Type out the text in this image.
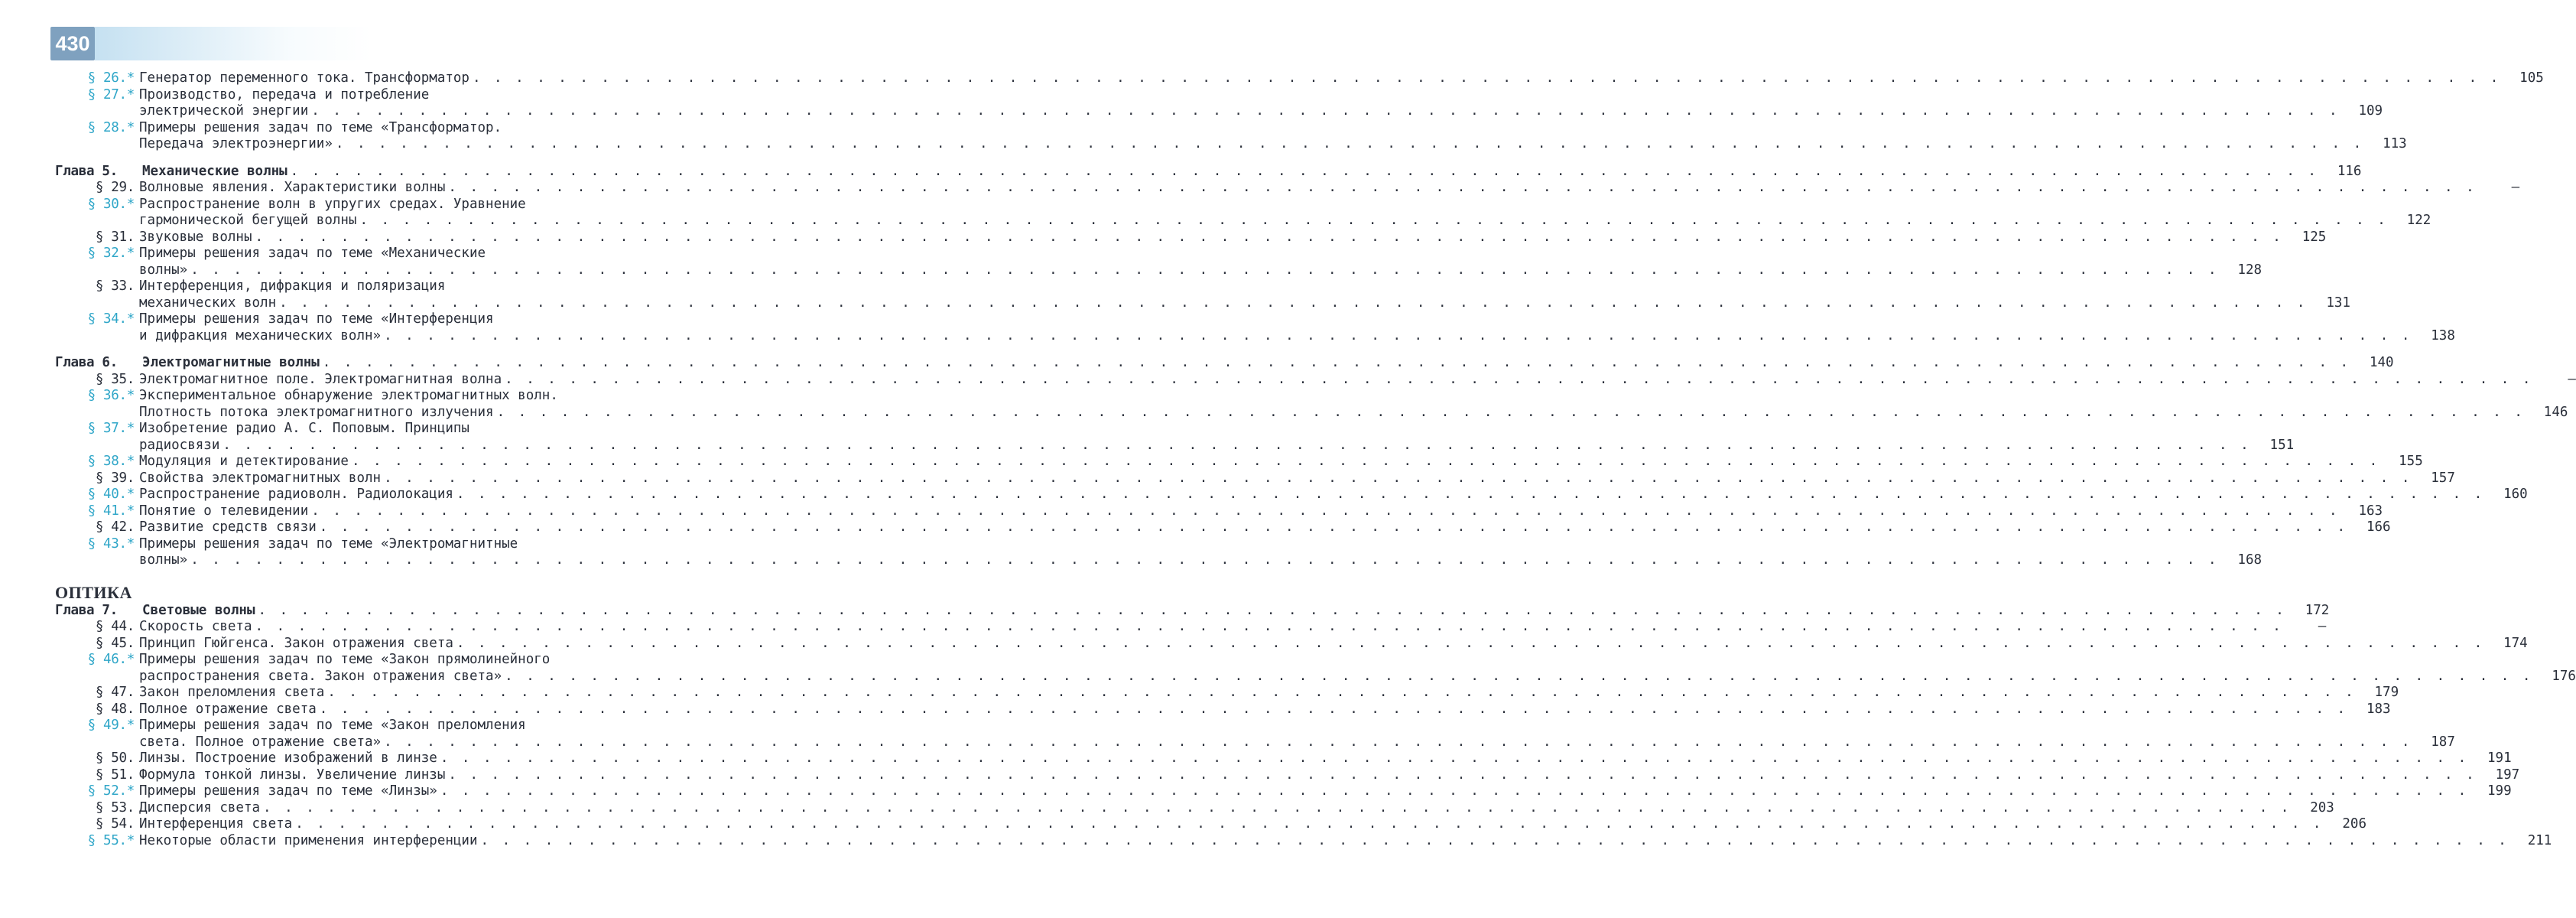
430
§ 26.* Генератор переменного тока. Трансформатор . . . . . . . . . . . . . . . . . . . . . . . . . . . . . . . . . . . . . . . . . . . . . . . . . . . . . . . . . . . . . . . . . . . . . . . . . . . . . . . . . . . . . . . . . . . . . . .	105
§ 27.* Производство, передача и потребление
электрической энергии . . . . . . . . . . . . . . . . . . . . . . . . . . . . . . . . . . . . . . . . . . . . . . . . . . . . . . . . . . . . . . . . . . . . . . . . . . . . . . . . . . . . . . . . . . . . . . .	109
§ 28.* Примеры решения задач по теме «Трансформатор.
Передача электроэнергии» . . . . . . . . . . . . . . . . . . . . . . . . . . . . . . . . . . . . . . . . . . . . . . . . . . . . . . . . . . . . . . . . . . . . . . . . . . . . . . . . . . . . . . . . . . . . . . .	113
Глава 5.	Механические волны . . . . . . . . . . . . . . . . . . . . . . . . . . . . . . . . . . . . . . . . . . . . . . . . . . . . . . . . . . . . . . . . . . . . . . . . . . . . . . . . . . . . . . . . . . . . . . .	116
§ 29. Волновые явления. Характеристики волны . . . . . . . . . . . . . . . . . . . . . . . . . . . . . . . . . . . . . . . . . . . . . . . . . . . . . . . . . . . . . . . . . . . . . . . . . . . . . . . . . . . . . . . . . . . . . . .	—
§ 30.* Распространение волн в упругих средах. Уравнение
гармонической бегущей волны . . . . . . . . . . . . . . . . . . . . . . . . . . . . . . . . . . . . . . . . . . . . . . . . . . . . . . . . . . . . . . . . . . . . . . . . . . . . . . . . . . . . . . . . . . . . . . .	122
§ 31. Звуковые волны . . . . . . . . . . . . . . . . . . . . . . . . . . . . . . . . . . . . . . . . . . . . . . . . . . . . . . . . . . . . . . . . . . . . . . . . . . . . . . . . . . . . . . . . . . . . . . .	125
§ 32.* Примеры решения задач по теме «Механические
волны» . . . . . . . . . . . . . . . . . . . . . . . . . . . . . . . . . . . . . . . . . . . . . . . . . . . . . . . . . . . . . . . . . . . . . . . . . . . . . . . . . . . . . . . . . . . . . . .	128
§ 33. Интерференция, дифракция и поляризация
механических волн . . . . . . . . . . . . . . . . . . . . . . . . . . . . . . . . . . . . . . . . . . . . . . . . . . . . . . . . . . . . . . . . . . . . . . . . . . . . . . . . . . . . . . . . . . . . . . .	131
§ 34.* Примеры решения задач по теме «Интерференция
и дифракция механических волн» . . . . . . . . . . . . . . . . . . . . . . . . . . . . . . . . . . . . . . . . . . . . . . . . . . . . . . . . . . . . . . . . . . . . . . . . . . . . . . . . . . . . . . . . . . . . . . .	138
Глава 6.	Электромагнитные волны . . . . . . . . . . . . . . . . . . . . . . . . . . . . . . . . . . . . . . . . . . . . . . . . . . . . . . . . . . . . . . . . . . . . . . . . . . . . . . . . . . . . . . . . . . . . . . .	140
§ 35. Электромагнитное поле. Электромагнитная волна . . . . . . . . . . . . . . . . . . . . . . . . . . . . . . . . . . . . . . . . . . . . . . . . . . . . . . . . . . . . . . . . . . . . . . . . . . . . . . . . . . . . . . . . . . . . . . .	—
§ 36.* Экспериментальное обнаружение электромагнитных волн.
Плотность потока электромагнитного излучения . . . . . . . . . . . . . . . . . . . . . . . . . . . . . . . . . . . . . . . . . . . . . . . . . . . . . . . . . . . . . . . . . . . . . . . . . . . . . . . . . . . . . . . . . . . . . . .	146
§ 37.* Изобретение радио А. С. Поповым. Принципы
радиосвязи . . . . . . . . . . . . . . . . . . . . . . . . . . . . . . . . . . . . . . . . . . . . . . . . . . . . . . . . . . . . . . . . . . . . . . . . . . . . . . . . . . . . . . . . . . . . . . .	151
§ 38.* Модуляция и детектирование . . . . . . . . . . . . . . . . . . . . . . . . . . . . . . . . . . . . . . . . . . . . . . . . . . . . . . . . . . . . . . . . . . . . . . . . . . . . . . . . . . . . . . . . . . . . . . .	155
§ 39. Свойства электромагнитных волн . . . . . . . . . . . . . . . . . . . . . . . . . . . . . . . . . . . . . . . . . . . . . . . . . . . . . . . . . . . . . . . . . . . . . . . . . . . . . . . . . . . . . . . . . . . . . . .	157
§ 40.* Распространение радиоволн. Радиолокация . . . . . . . . . . . . . . . . . . . . . . . . . . . . . . . . . . . . . . . . . . . . . . . . . . . . . . . . . . . . . . . . . . . . . . . . . . . . . . . . . . . . . . . . . . . . . . .	160
§ 41.* Понятие о телевидении . . . . . . . . . . . . . . . . . . . . . . . . . . . . . . . . . . . . . . . . . . . . . . . . . . . . . . . . . . . . . . . . . . . . . . . . . . . . . . . . . . . . . . . . . . . . . . .	163
§ 42. Развитие средств связи . . . . . . . . . . . . . . . . . . . . . . . . . . . . . . . . . . . . . . . . . . . . . . . . . . . . . . . . . . . . . . . . . . . . . . . . . . . . . . . . . . . . . . . . . . . . . . .	166
§ 43.* Примеры решения задач по теме «Электромагнитные
волны» . . . . . . . . . . . . . . . . . . . . . . . . . . . . . . . . . . . . . . . . . . . . . . . . . . . . . . . . . . . . . . . . . . . . . . . . . . . . . . . . . . . . . . . . . . . . . . .	168
ОПТИКА
Глава 7.	Световые волны . . . . . . . . . . . . . . . . . . . . . . . . . . . . . . . . . . . . . . . . . . . . . . . . . . . . . . . . . . . . . . . . . . . . . . . . . . . . . . . . . . . . . . . . . . . . . . .	172
§ 44. Скорость света . . . . . . . . . . . . . . . . . . . . . . . . . . . . . . . . . . . . . . . . . . . . . . . . . . . . . . . . . . . . . . . . . . . . . . . . . . . . . . . . . . . . . . . . . . . . . . .	—
§ 45. Принцип Гюйгенса. Закон отражения света . . . . . . . . . . . . . . . . . . . . . . . . . . . . . . . . . . . . . . . . . . . . . . . . . . . . . . . . . . . . . . . . . . . . . . . . . . . . . . . . . . . . . . . . . . . . . . .	174
§ 46.* Примеры решения задач по теме «Закон прямолинейного
распространения света. Закон отражения света» . . . . . . . . . . . . . . . . . . . . . . . . . . . . . . . . . . . . . . . . . . . . . . . . . . . . . . . . . . . . . . . . . . . . . . . . . . . . . . . . . . . . . . . . . . . . . . .	176
§ 47. Закон преломления света . . . . . . . . . . . . . . . . . . . . . . . . . . . . . . . . . . . . . . . . . . . . . . . . . . . . . . . . . . . . . . . . . . . . . . . . . . . . . . . . . . . . . . . . . . . . . . .	179
§ 48. Полное отражение света . . . . . . . . . . . . . . . . . . . . . . . . . . . . . . . . . . . . . . . . . . . . . . . . . . . . . . . . . . . . . . . . . . . . . . . . . . . . . . . . . . . . . . . . . . . . . . .	183
§ 49.* Примеры решения задач по теме «Закон преломления
света. Полное отражение света» . . . . . . . . . . . . . . . . . . . . . . . . . . . . . . . . . . . . . . . . . . . . . . . . . . . . . . . . . . . . . . . . . . . . . . . . . . . . . . . . . . . . . . . . . . . . . . .	187
§ 50. Линзы. Построение изображений в линзе . . . . . . . . . . . . . . . . . . . . . . . . . . . . . . . . . . . . . . . . . . . . . . . . . . . . . . . . . . . . . . . . . . . . . . . . . . . . . . . . . . . . . . . . . . . . . . .	191
§ 51. Формула тонкой линзы. Увеличение линзы . . . . . . . . . . . . . . . . . . . . . . . . . . . . . . . . . . . . . . . . . . . . . . . . . . . . . . . . . . . . . . . . . . . . . . . . . . . . . . . . . . . . . . . . . . . . . . .	197
§ 52.* Примеры решения задач по теме «Линзы» . . . . . . . . . . . . . . . . . . . . . . . . . . . . . . . . . . . . . . . . . . . . . . . . . . . . . . . . . . . . . . . . . . . . . . . . . . . . . . . . . . . . . . . . . . . . . . .	199
§ 53. Дисперсия света . . . . . . . . . . . . . . . . . . . . . . . . . . . . . . . . . . . . . . . . . . . . . . . . . . . . . . . . . . . . . . . . . . . . . . . . . . . . . . . . . . . . . . . . . . . . . . .	203
§ 54. Интерференция света . . . . . . . . . . . . . . . . . . . . . . . . . . . . . . . . . . . . . . . . . . . . . . . . . . . . . . . . . . . . . . . . . . . . . . . . . . . . . . . . . . . . . . . . . . . . . . .	206
§ 55.* Некоторые области применения интерференции . . . . . . . . . . . . . . . . . . . . . . . . . . . . . . . . . . . . . . . . . . . . . . . . . . . . . . . . . . . . . . . . . . . . . . . . . . . . . . . . . . . . . . . . . . . . . . .	211
